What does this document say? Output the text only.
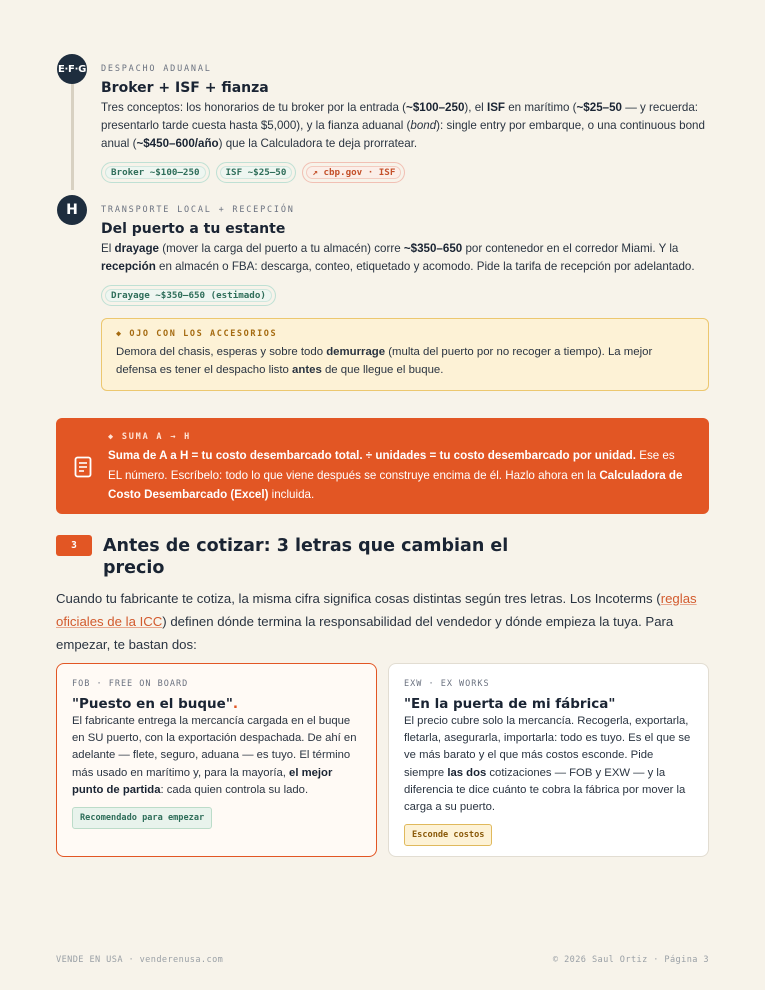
E·F·G DESPACHO ADUANAL
Broker + ISF + fianza
Tres conceptos: los honorarios de tu broker por la entrada (~$100–250), el ISF en marítimo (~$25–50 — y recuerda: presentarlo tarde cuesta hasta $5,000), y la fianza aduanal (bond): single entry por embarque, o una continuous bond anual (~$450–600/año) que la Calculadora te deja prorratear.
Broker ~$100–250	ISF ~$25–50	↗ cbp.gov · ISF
H	TRANSPORTE LOCAL + RECEPCIÓN
Del puerto a tu estante
El drayage (mover la carga del puerto a tu almacén) corre ~$350–650 por contenedor en el corredor Miami. Y la recepción en almacén o FBA: descarga, conteo, etiquetado y acomodo. Pide la tarifa de recepción por adelantado.
Drayage ~$350–650 (estimado)
◆ OJO CON LOS ACCESORIOS
Demora del chasis, esperas y sobre todo demurrage (multa del puerto por no recoger a tiempo). La mejor defensa es tener el despacho listo antes de que llegue el buque.
◆ SUMA A → H
Suma de A a H = tu costo desembarcado total. ÷ unidades = tu costo desembarcado por unidad. Ese es EL número. Escríbelo: todo lo que viene después se construye encima de él. Hazlo ahora en la Calculadora de Costo Desembarcado (Excel) incluida.
3	Antes de cotizar: 3 letras que cambian el precio
Cuando tu fabricante te cotiza, la misma cifra significa cosas distintas según tres letras. Los Incoterms (reglas oficiales de la ICC) definen dónde termina la responsabilidad del vendedor y dónde empieza la tuya. Para empezar, te bastan dos:
FOB · FREE ON BOARD
"Puesto en el buque".
El fabricante entrega la mercancía cargada en el buque en SU puerto, con la exportación despachada. De ahí en adelante — flete, seguro, aduana — es tuyo. El término más usado en marítimo y, para la mayoría, el mejor punto de partida: cada quien controla su lado.
Recomendado para empezar
EXW · EX WORKS
"En la puerta de mi fábrica"
El precio cubre solo la mercancía. Recogerla, exportarla, fletarla, asegurarla, importarla: todo es tuyo. Es el que se ve más barato y el que más costos esconde. Pide siempre las dos cotizaciones — FOB y EXW — y la diferencia te dice cuánto te cobra la fábrica por mover la carga a su puerto.
Esconde costos
VENDE EN USA · venderenusa.com	© 2026 Saul Ortiz · Página 3
